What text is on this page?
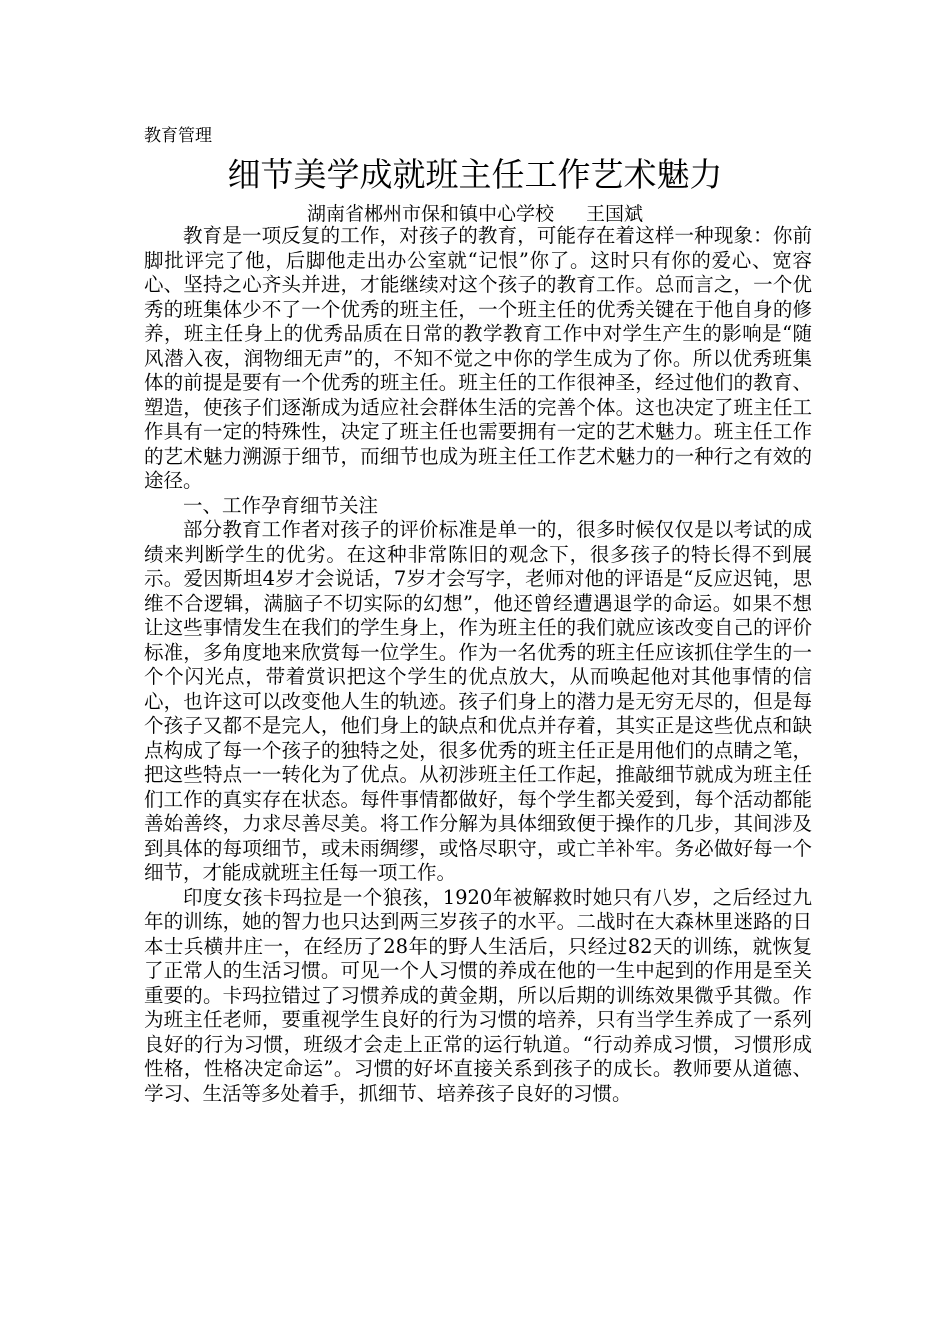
教育管理
细节美学成就班主任工作艺术魅力
湖南省郴州市保和镇中心学校 王国斌

教育是一项反复的工作，对孩子的教育，可能存在着这样一种现象：你前脚批评完了他，后脚他走出办公室就“记恨”你了。这时只有你的爱心、宽容心、坚持之心齐头并进，才能继续对这个孩子的教育工作。总而言之，一个优秀的班集体少不了一个优秀的班主任，一个班主任的优秀关键在于他自身的修养，班主任身上的优秀品质在日常的教学教育工作中对学生产生的影响是“随风潜入夜，润物细无声”的，不知不觉之中你的学生成为了你。所以优秀班集体的前提是要有一个优秀的班主任。班主任的工作很神圣，经过他们的教育、塑造，使孩子们逐渐成为适应社会群体生活的完善个体。这也决定了班主任工作具有一定的特殊性，决定了班主任也需要拥有一定的艺术魅力。班主任工作的艺术魅力溯源于细节，而细节也成为班主任工作艺术魅力的一种行之有效的途径。

一、工作孕育细节关注

部分教育工作者对孩子的评价标准是单一的，很多时候仅仅是以考试的成绩来判断学生的优劣。在这种非常陈旧的观念下，很多孩子的特长得不到展示。爱因斯坦4岁才会说话，7岁才会写字，老师对他的评语是“反应迟钝，思维不合逻辑，满脑子不切实际的幻想”，他还曾经遭遇退学的命运。如果不想让这些事情发生在我们的学生身上，作为班主任的我们就应该改变自己的评价标准，多角度地来欣赏每一位学生。作为一名优秀的班主任应该抓住学生的一个个闪光点，带着赏识把这个学生的优点放大，从而唤起他对其他事情的信心，也许这可以改变他人生的轨迹。孩子们身上的潜力是无穷无尽的，但是每个孩子又都不是完人，他们身上的缺点和优点并存着，其实正是这些优点和缺点构成了每一个孩子的独特之处，很多优秀的班主任正是用他们的点睛之笔，把这些特点一一转化为了优点。从初涉班主任工作起，推敲细节就成为班主任们工作的真实存在状态。每件事情都做好，每个学生都关爱到，每个活动都能善始善终，力求尽善尽美。将工作分解为具体细致便于操作的几步，其间涉及到具体的每项细节，或未雨绸缪，或恪尽职守，或亡羊补牢。务必做好每一个细节，才能成就班主任每一项工作。

印度女孩卡玛拉是一个狼孩，1920年被解救时她只有八岁，之后经过九年的训练，她的智力也只达到两三岁孩子的水平。二战时在大森林里迷路的日本士兵横井庄一，在经历了28年的野人生活后，只经过82天的训练，就恢复了正常人的生活习惯。可见一个人习惯的养成在他的一生中起到的作用是至关重要的。卡玛拉错过了习惯养成的黄金期，所以后期的训练效果微乎其微。作为班主任老师，要重视学生良好的行为习惯的培养，只有当学生养成了一系列良好的行为习惯，班级才会走上正常的运行轨道。“行动养成习惯，习惯形成性格，性格决定命运”。习惯的好坏直接关系到孩子的成长。教师要从道德、学习、生活等多处着手，抓细节、培养孩子良好的习惯。
